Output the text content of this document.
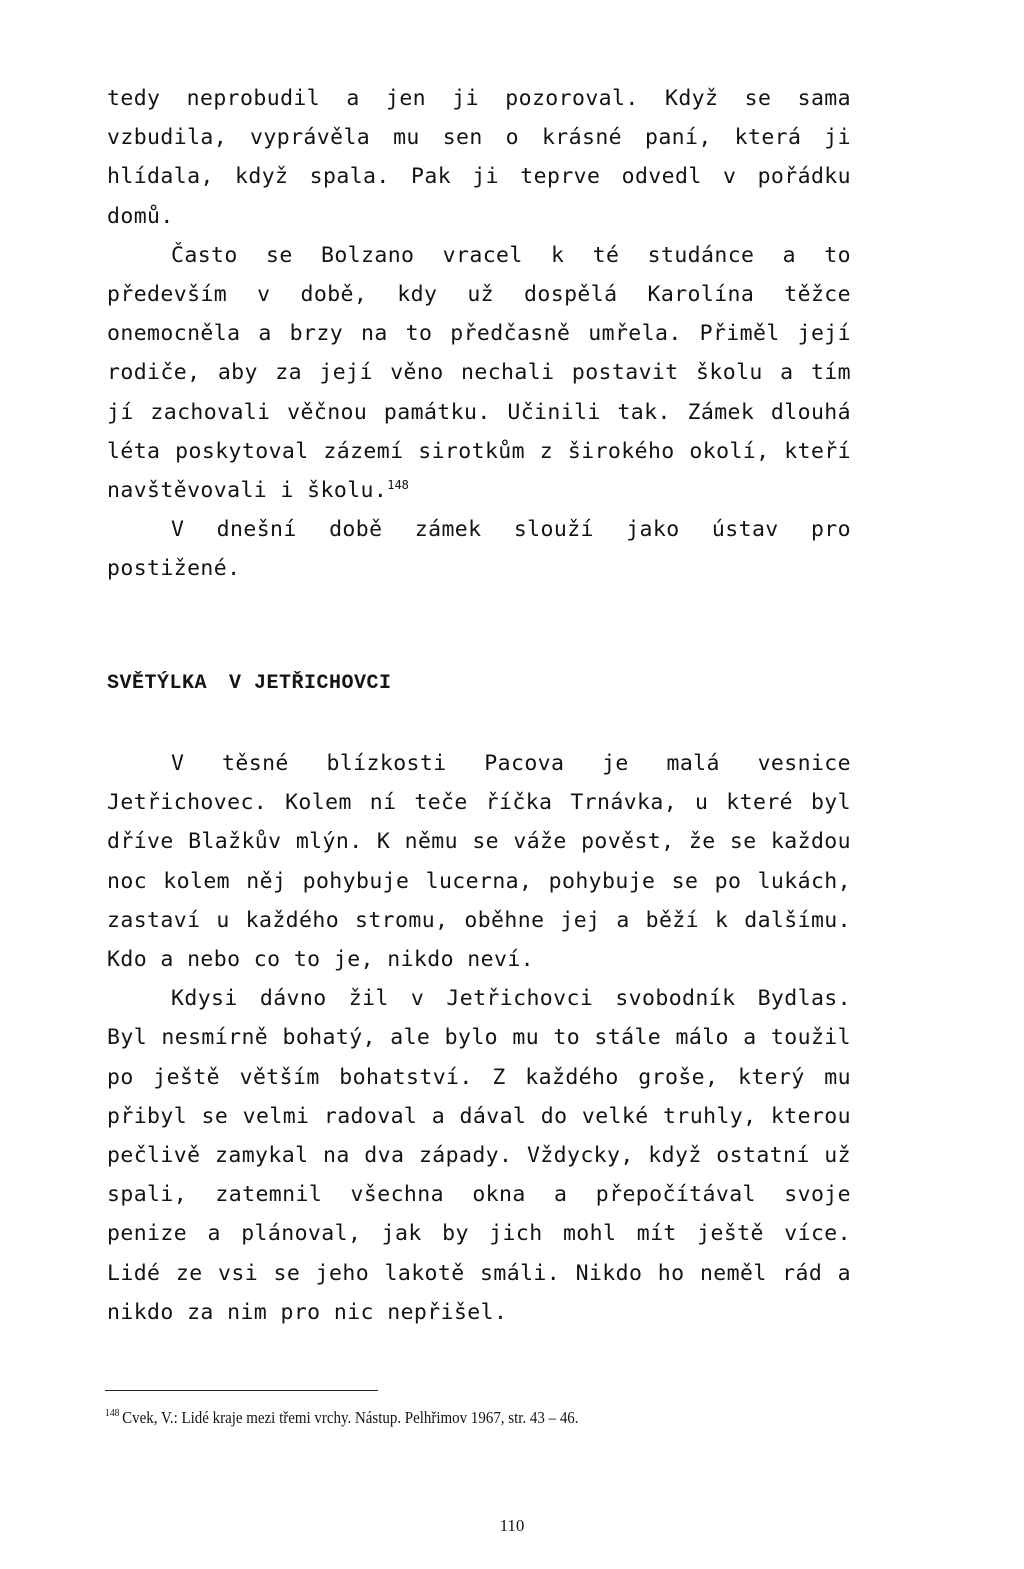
tedy neprobudil a jen ji pozoroval. Když se sama vzbudila, vyprávěla mu sen o krásné paní, která ji hlídala, když spala. Pak ji teprve odvedl v pořádku domů.

Často se Bolzano vracel k té studánce a to především v době, kdy už dospělá Karolína těžce onemocněla a brzy na to předčasně umřela. Přiměl její rodiče, aby za její věno nechali postavit školu a tím jí zachovali věčnou památku. Učinili tak. Zámek dlouhá léta poskytoval zázemí sirotkům z širokého okolí, kteří navštěvovali i školu.$^{148}$

V dnešní době zámek slouží jako ústav pro postižené.

SVĚTÝLKA V JETŘICHOVCI

V těsné blízkosti Pacova je malá vesnice Jetřichovec. Kolem ní teče říčka Trnávka, u které byl dříve Blažkův mlýn. K němu se váže pověst, že se každou noc kolem něj pohybuje lucerna, pohybuje se po lukách, zastaví u každého stromu, oběhne jej a běží k dalšímu. Kdo a nebo co to je, nikdo neví.

Kdysi dávno žil v Jetřichovci svobodník Bydlas. Byl nesmírně bohatý, ale bylo mu to stále málo a toužil po ještě větším bohatství. Z každého groše, který mu přibyl se velmi radoval a dával do velké truhly, kterou pečlivě zamykal na dva západy. Vždycky, když ostatní už spali, zatemnil všechna okna a přepočítával svoje penize a plánoval, jak by jich mohl mít ještě více. Lidé ze vsi se jeho lakotě smáli. Nikdo ho neměl rád a nikdo za nim pro nic nepřišel.

$^{148}$ Cvek, V.: Lidé kraje mezi třemi vrchy. Nástup. Pelhřimov 1967, str. 43 – 46.

110
